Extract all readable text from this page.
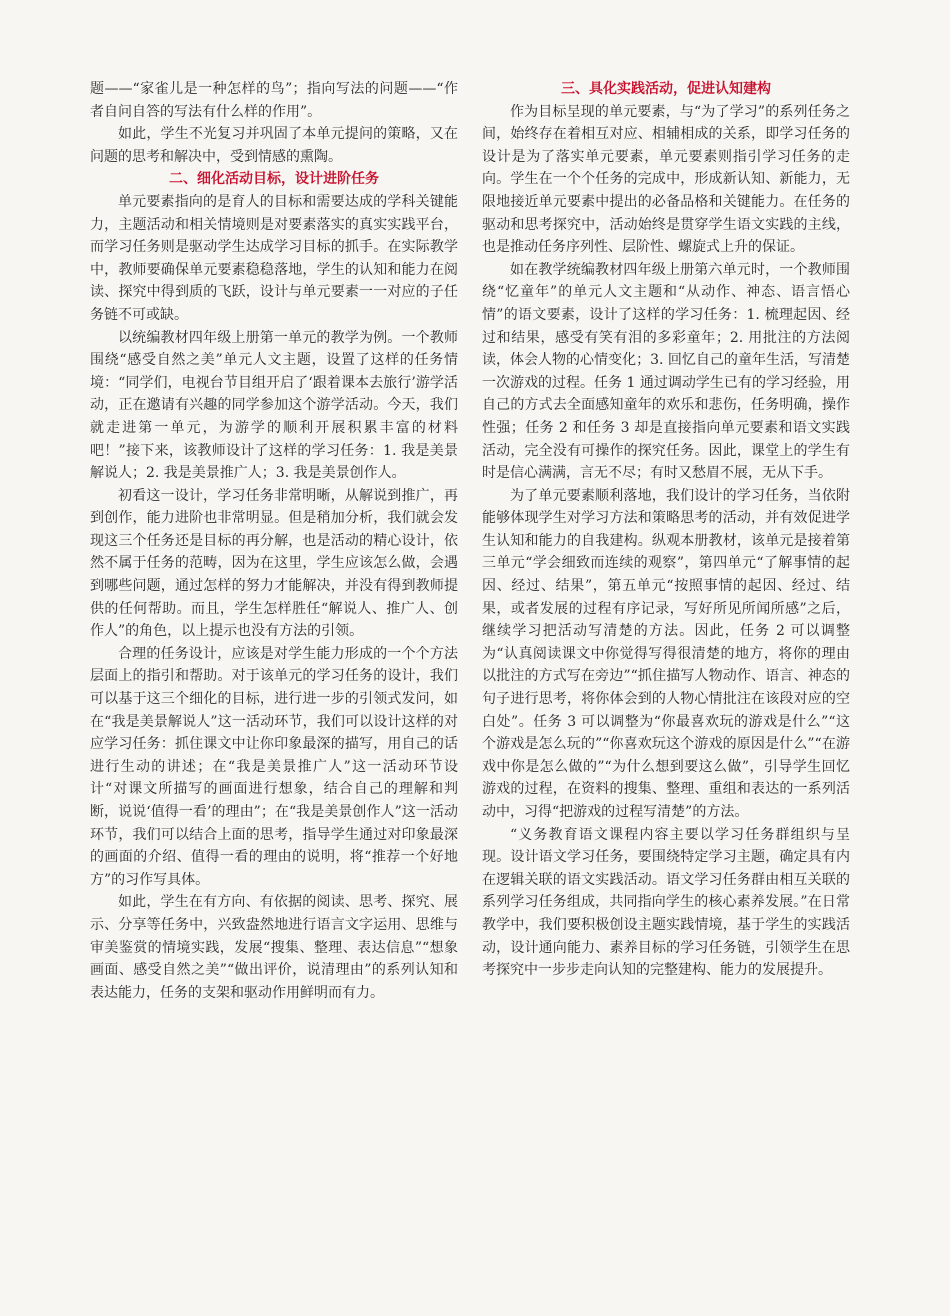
题——“家雀儿是一种怎样的鸟”；指向写法的问题——“作者自问自答的写法有什么样的作用”。

如此，学生不光复习并巩固了本单元提问的策略，又在问题的思考和解决中，受到情感的熏陶。

二、细化活动目标，设计进阶任务

单元要素指向的是育人的目标和需要达成的学科关键能力，主题活动和相关情境则是对要素落实的真实实践平台，而学习任务则是驱动学生达成学习目标的抓手。在实际教学中，教师要确保单元要素稳稳落地，学生的认知和能力在阅读、探究中得到质的飞跃，设计与单元要素一一对应的子任务链不可或缺。

以统编教材四年级上册第一单元的教学为例。一个教师围绕“感受自然之美”单元人文主题，设置了这样的任务情境：“同学们，电视台节目组开启了‘跟着课本去旅行’游学活动，正在邀请有兴趣的同学参加这个游学活动。今天，我们就走进第一单元，为游学的顺利开展积累丰富的材料吧！”接下来，该教师设计了这样的学习任务：1. 我是美景解说人；2. 我是美景推广人；3. 我是美景创作人。

初看这一设计，学习任务非常明晰，从解说到推广，再到创作，能力进阶也非常明显。但是稍加分析，我们就会发现这三个任务还是目标的再分解，也是活动的精心设计，依然不属于任务的范畴，因为在这里，学生应该怎么做，会遇到哪些问题，通过怎样的努力才能解决，并没有得到教师提供的任何帮助。而且，学生怎样胜任“解说人、推广人、创作人”的角色，以上提示也没有方法的引领。

合理的任务设计，应该是对学生能力形成的一个个方法层面上的指引和帮助。对于该单元的学习任务的设计，我们可以基于这三个细化的目标，进行进一步的引领式发问，如在“我是美景解说人”这一活动环节，我们可以设计这样的对应学习任务：抓住课文中让你印象最深的描写，用自己的话进行生动的讲述；在“我是美景推广人”这一活动环节设计“对课文所描写的画面进行想象，结合自己的理解和判断，说说‘值得一看’的理由”；在“我是美景创作人”这一活动环节，我们可以结合上面的思考，指导学生通过对印象最深的画面的介绍、值得一看的理由的说明，将“推荐一个好地方”的习作写具体。

如此，学生在有方向、有依据的阅读、思考、探究、展示、分享等任务中，兴致盎然地进行语言文字运用、思维与审美鉴赏的情境实践，发展“搜集、整理、表达信息”“想象画面、感受自然之美”“做出评价，说清理由”的系列认知和表达能力，任务的支架和驱动作用鲜明而有力。

三、具化实践活动，促进认知建构

作为目标呈现的单元要素，与“为了学习”的系列任务之间，始终存在着相互对应、相辅相成的关系，即学习任务的设计是为了落实单元要素，单元要素则指引学习任务的走向。学生在一个个任务的完成中，形成新认知、新能力，无限地接近单元要素中提出的必备品格和关键能力。在任务的驱动和思考探究中，活动始终是贯穿学生语文实践的主线，也是推动任务序列性、层阶性、螺旋式上升的保证。

如在教学统编教材四年级上册第六单元时，一个教师围绕“忆童年”的单元人文主题和“从动作、神态、语言悟心情”的语文要素，设计了这样的学习任务：1. 梳理起因、经过和结果，感受有笑有泪的多彩童年；2. 用批注的方法阅读，体会人物的心情变化；3. 回忆自己的童年生活，写清楚一次游戏的过程。任务 1 通过调动学生已有的学习经验，用自己的方式去全面感知童年的欢乐和悲伤，任务明确，操作性强；任务 2 和任务 3 却是直接指向单元要素和语文实践活动，完全没有可操作的探究任务。因此，课堂上的学生有时是信心满满，言无不尽；有时又愁眉不展，无从下手。

为了单元要素顺利落地，我们设计的学习任务，当依附能够体现学生对学习方法和策略思考的活动，并有效促进学生认知和能力的自我建构。纵观本册教材，该单元是接着第三单元“学会细致而连续的观察”，第四单元“了解事情的起因、经过、结果”，第五单元“按照事情的起因、经过、结果，或者发展的过程有序记录，写好所见所闻所感”之后，继续学习把活动写清楚的方法。因此，任务 2 可以调整为“认真阅读课文中你觉得写得很清楚的地方，将你的理由以批注的方式写在旁边”“抓住描写人物动作、语言、神态的句子进行思考，将你体会到的人物心情批注在该段对应的空白处”。任务 3 可以调整为“你最喜欢玩的游戏是什么”“这个游戏是怎么玩的”“你喜欢玩这个游戏的原因是什么”“在游戏中你是怎么做的”“为什么想到要这么做”，引导学生回忆游戏的过程，在资料的搜集、整理、重组和表达的一系列活动中，习得“把游戏的过程写清楚”的方法。

“义务教育语文课程内容主要以学习任务群组织与呈现。设计语文学习任务，要围绕特定学习主题，确定具有内在逻辑关联的语文实践活动。语文学习任务群由相互关联的系列学习任务组成，共同指向学生的核心素养发展。”在日常教学中，我们要积极创设主题实践情境，基于学生的实践活动，设计通向能力、素养目标的学习任务链，引领学生在思考探究中一步步走向认知的完整建构、能力的发展提升。
